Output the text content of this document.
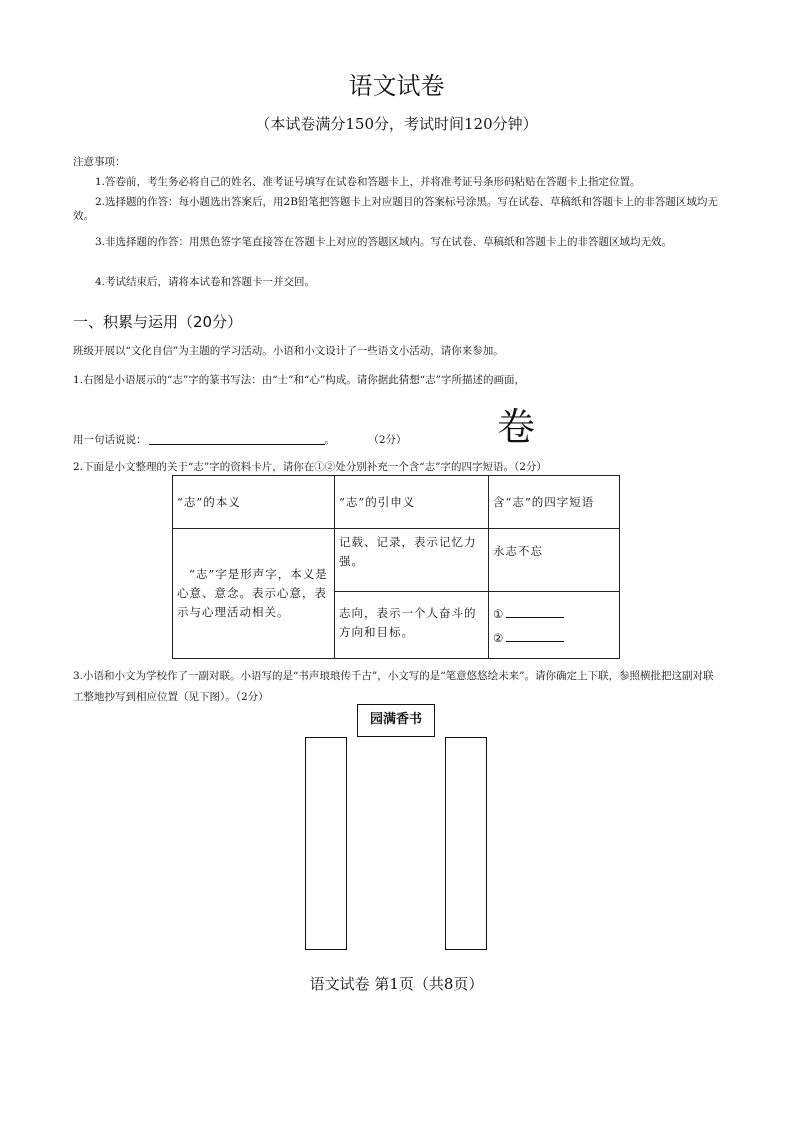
语文试卷
（本试卷满分150分，考试时间120分钟）
注意事项：
1.答卷前，考生务必将自己的姓名、准考证号填写在试卷和答题卡上，并将准考证号条形码粘贴在答题卡上指定位置。
2.选择题的作答：每小题选出答案后，用2B铅笔把答题卡上对应题目的答案标号涂黑。写在试卷、草稿纸和答题卡上的非答题区域均无效。
3.非选择题的作答：用黑色签字笔直接答在答题卡上对应的答题区域内。写在试卷、草稿纸和答题卡上的非答题区域均无效。
4.考试结束后，请将本试卷和答题卡一并交回。
一、积累与运用（20分）
班级开展以“文化自信”为主题的学习活动。小语和小文设计了一些语文小活动，请你来参加。
1.右图是小语展示的“志”字的篆书写法：由“士”和“心”构成。请你据此猜想“志”字所描述的画面，
用一句话说说：	。	（2分） 卷
2.下面是小文整理的关于“志”字的资料卡片，请你在①②处分别补充一个含“志”字的四字短语。（2分）
“志”的本义	“志”的引申义	含“志”的四字短语
“志”字是形声字，本义是心意、意念。表示心意，表示与心理活动相关。	记载、记录，表示记忆力强。	永志不忘
	志向，表示一个人奋斗的方向和目标。	①
②
3.小语和小文为学校作了一副对联。小语写的是“书声琅琅传千古”，小文写的是“笔意悠悠绘未来”。请你确定上下联，参照横批把这副对联工整地抄写到相应位置（见下图）。（2分）
园满香书
语文试卷 第1页（共8页）
